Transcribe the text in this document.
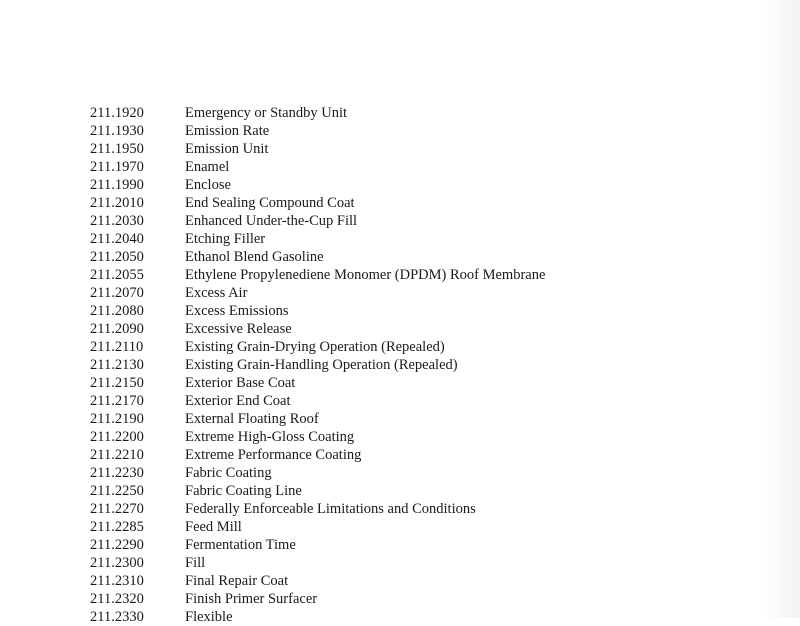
211.1920	Emergency or Standby Unit
211.1930	Emission Rate
211.1950	Emission Unit
211.1970	Enamel
211.1990	Enclose
211.2010	End Sealing Compound Coat
211.2030	Enhanced Under-the-Cup Fill
211.2040	Etching Filler
211.2050	Ethanol Blend Gasoline
211.2055	Ethylene Propylenediene Monomer (DPDM) Roof Membrane
211.2070	Excess Air
211.2080	Excess Emissions
211.2090	Excessive Release
211.2110	Existing Grain-Drying Operation (Repealed)
211.2130	Existing Grain-Handling Operation (Repealed)
211.2150	Exterior Base Coat
211.2170	Exterior End Coat
211.2190	External Floating Roof
211.2200	Extreme High-Gloss Coating
211.2210	Extreme Performance Coating
211.2230	Fabric Coating
211.2250	Fabric Coating Line
211.2270	Federally Enforceable Limitations and Conditions
211.2285	Feed Mill
211.2290	Fermentation Time
211.2300	Fill
211.2310	Final Repair Coat
211.2320	Finish Primer Surfacer
211.2330	Flexible
